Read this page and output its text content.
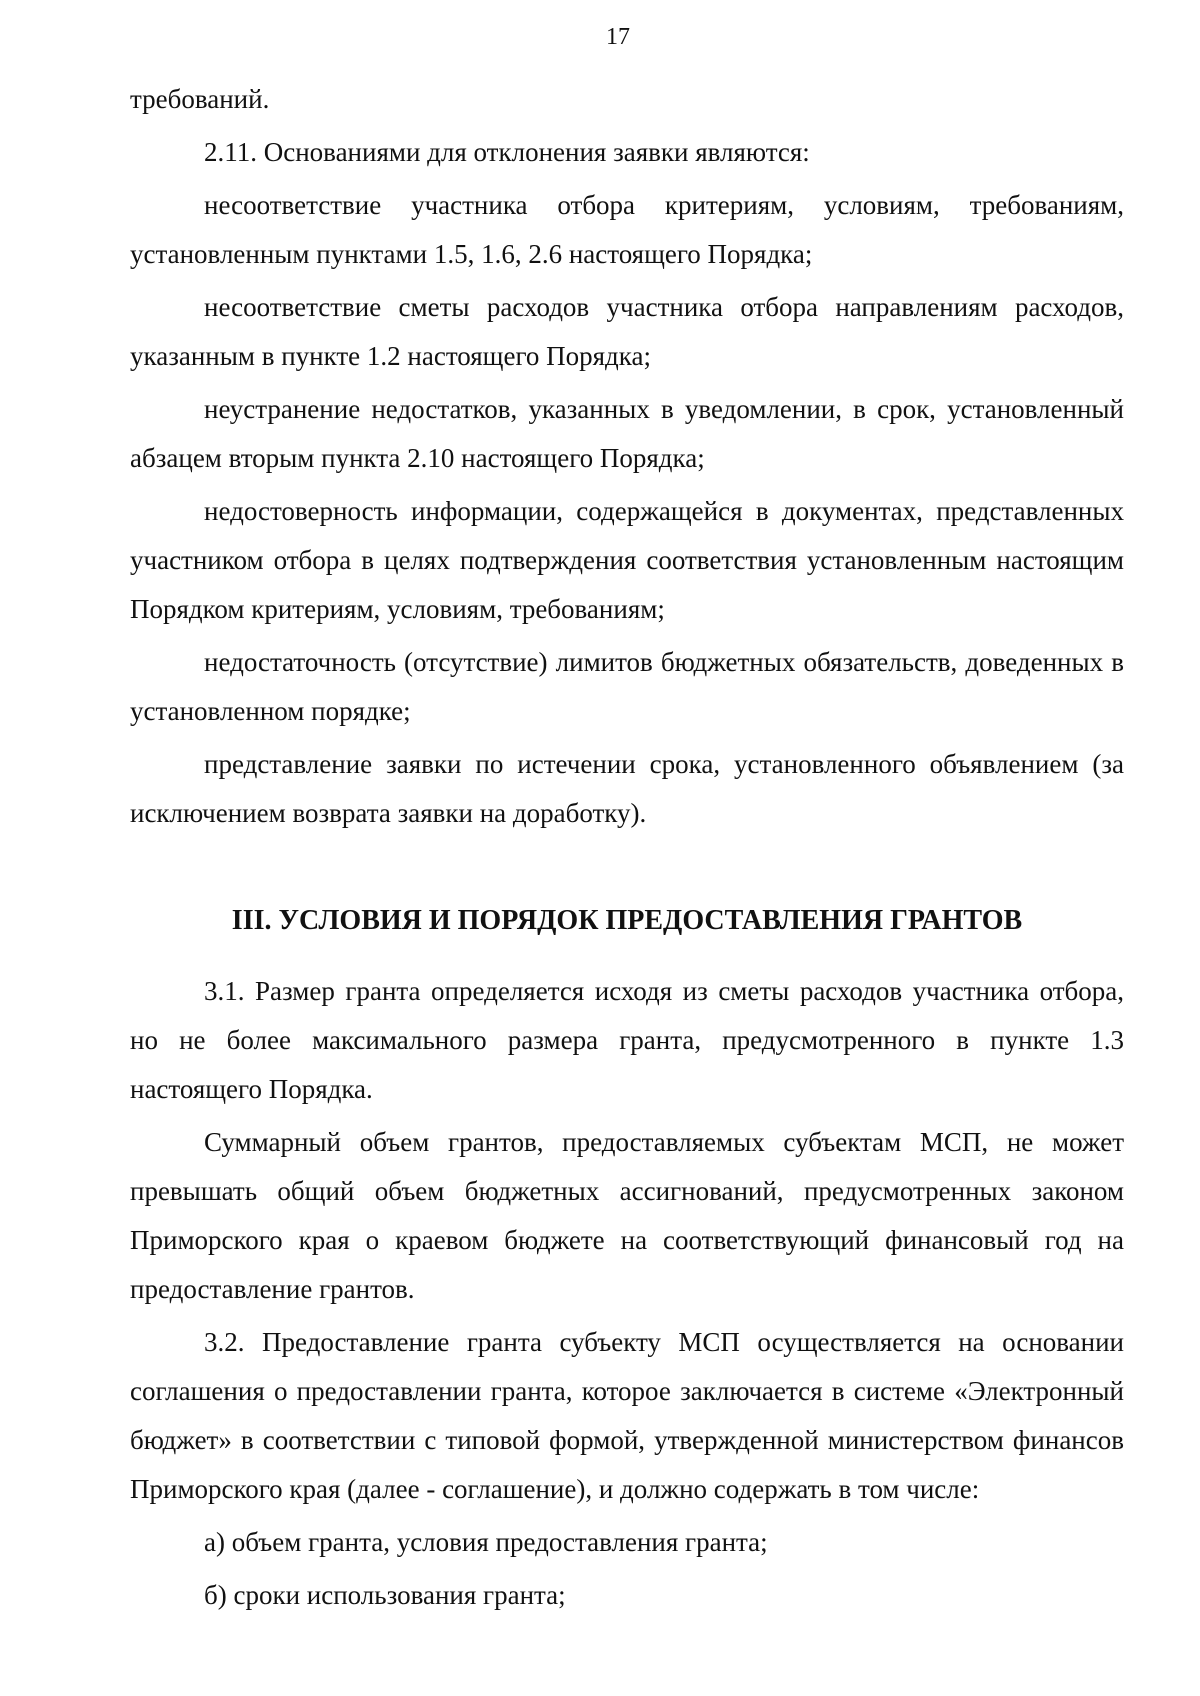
17

требований.

2.11. Основаниями для отклонения заявки являются:

несоответствие участника отбора критериям, условиям, требованиям, установленным пунктами 1.5, 1.6, 2.6 настоящего Порядка;

несоответствие сметы расходов участника отбора направлениям расходов, указанным в пункте 1.2 настоящего Порядка;

неустранение недостатков, указанных в уведомлении, в срок, установленный абзацем вторым пункта 2.10 настоящего Порядка;

недостоверность информации, содержащейся в документах, представленных участником отбора в целях подтверждения соответствия установленным настоящим Порядком критериям, условиям, требованиям;

недостаточность (отсутствие) лимитов бюджетных обязательств, доведенных в установленном порядке;

представление заявки по истечении срока, установленного объявлением (за исключением возврата заявки на доработку).

III. УСЛОВИЯ И ПОРЯДОК ПРЕДОСТАВЛЕНИЯ ГРАНТОВ

3.1. Размер гранта определяется исходя из сметы расходов участника отбора, но не более максимального размера гранта, предусмотренного в пункте 1.3 настоящего Порядка.

Суммарный объем грантов, предоставляемых субъектам МСП, не может превышать общий объем бюджетных ассигнований, предусмотренных законом Приморского края о краевом бюджете на соответствующий финансовый год на предоставление грантов.

3.2. Предоставление гранта субъекту МСП осуществляется на основании соглашения о предоставлении гранта, которое заключается в системе «Электронный бюджет» в соответствии с типовой формой, утвержденной министерством финансов Приморского края (далее - соглашение), и должно содержать в том числе:

а) объем гранта, условия предоставления гранта;

б) сроки использования гранта;
